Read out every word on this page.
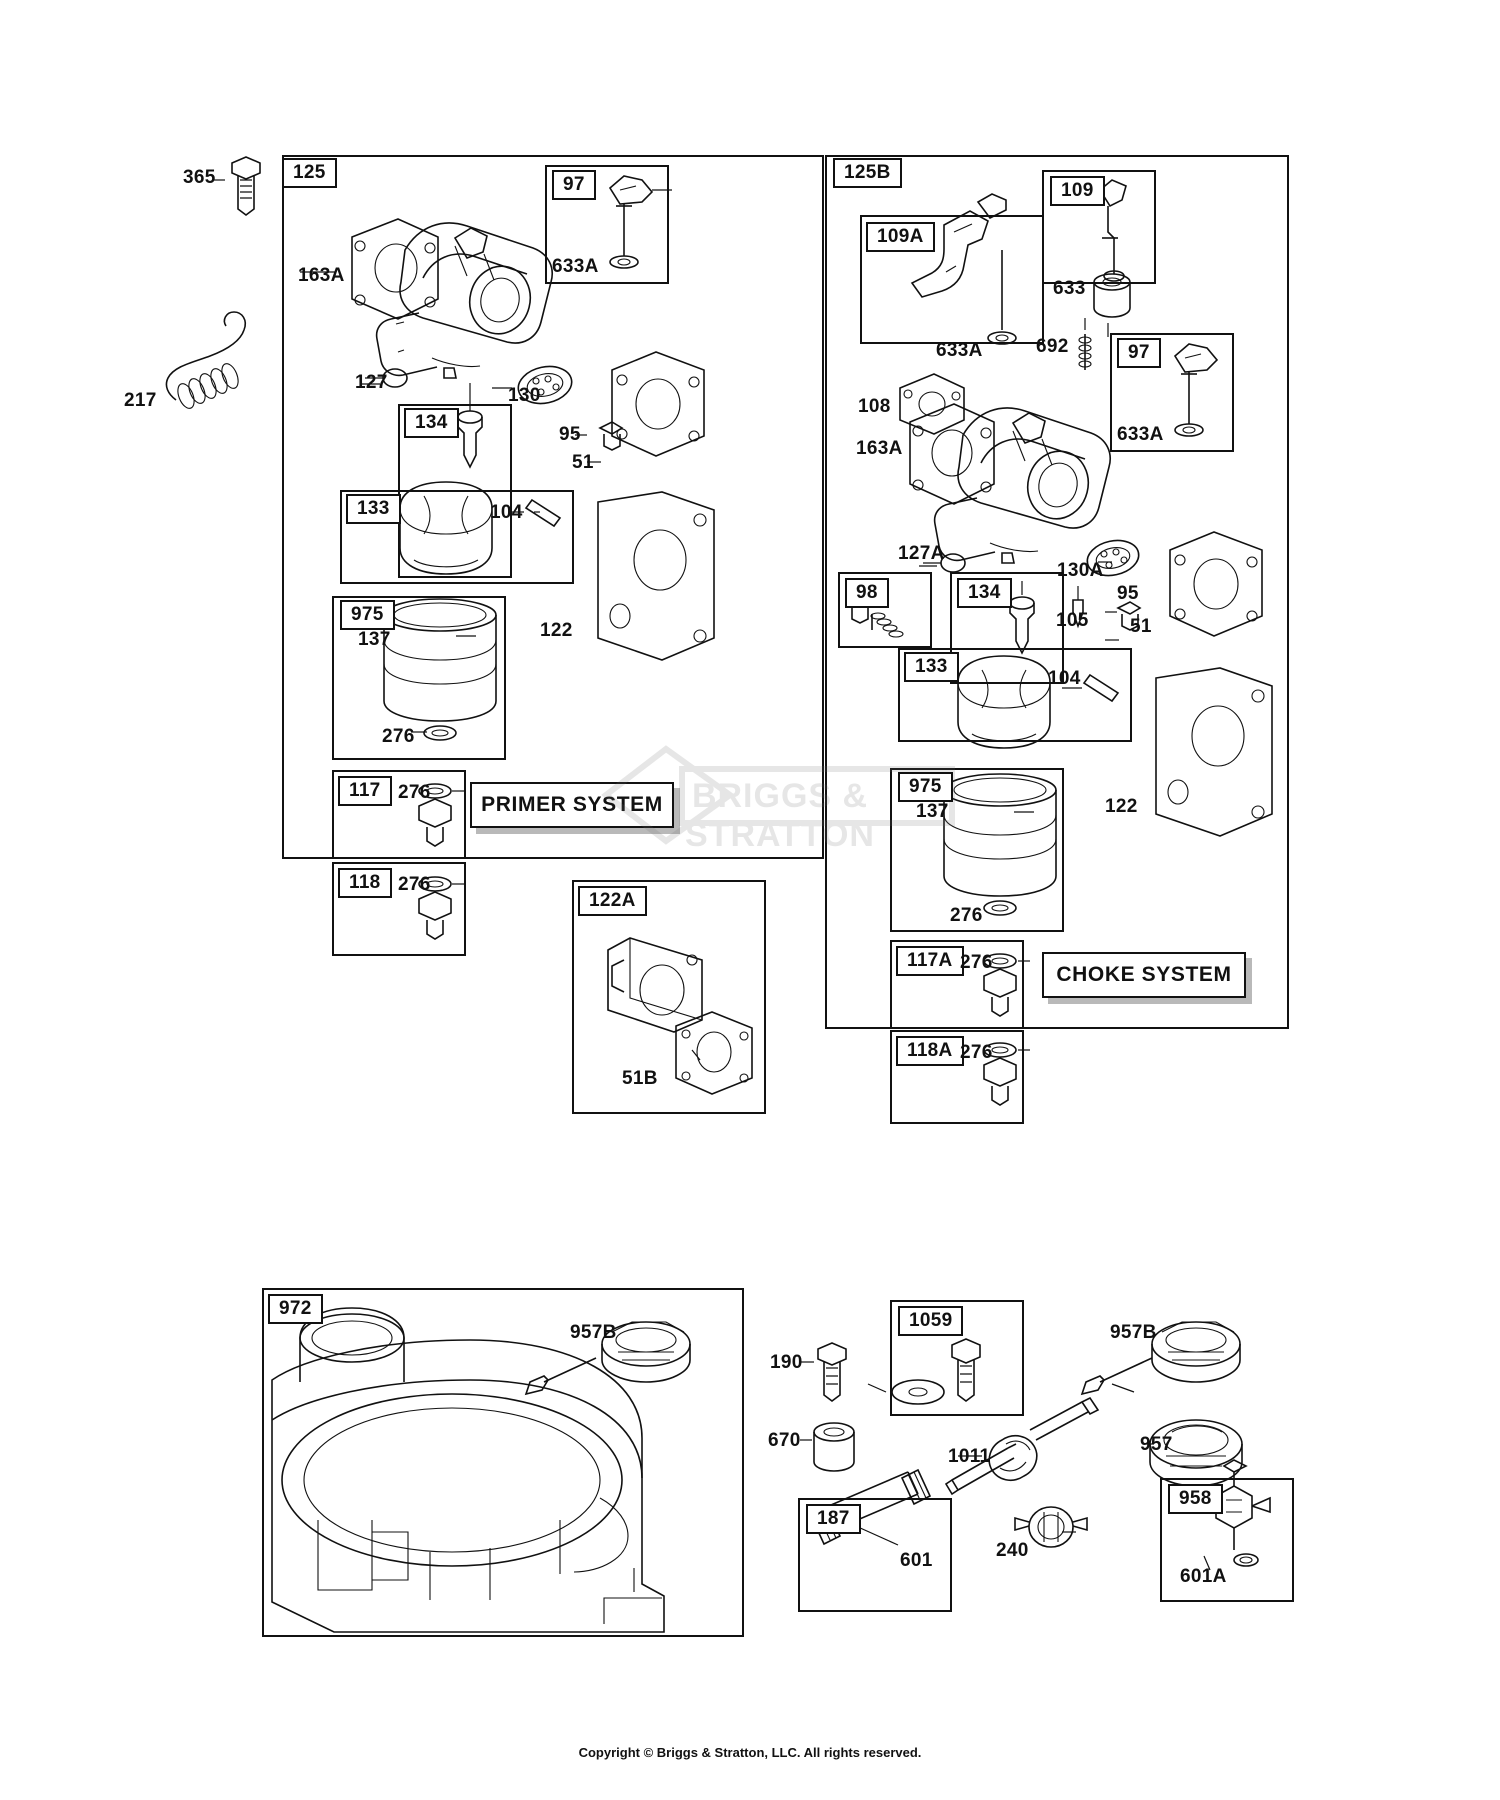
PRIMER SYSTEM
CHOKE SYSTEM
BRIGGS & STRATTON
365	125
97
633A
163A
217
127
130
134
95
51
133	104
122
975
137
276
117 276
118 276
122A
51B
125B
109
633
109A
633A	692	97
633A
108
163A
127A
130A
98	134
105
95
51
133
104
122
975
137
276
117A 276
118A 276
972
957B
190
1059
957B
670
1011
957
187
601	240
958
601A
Copyright © Briggs & Stratton, LLC. All rights reserved.
